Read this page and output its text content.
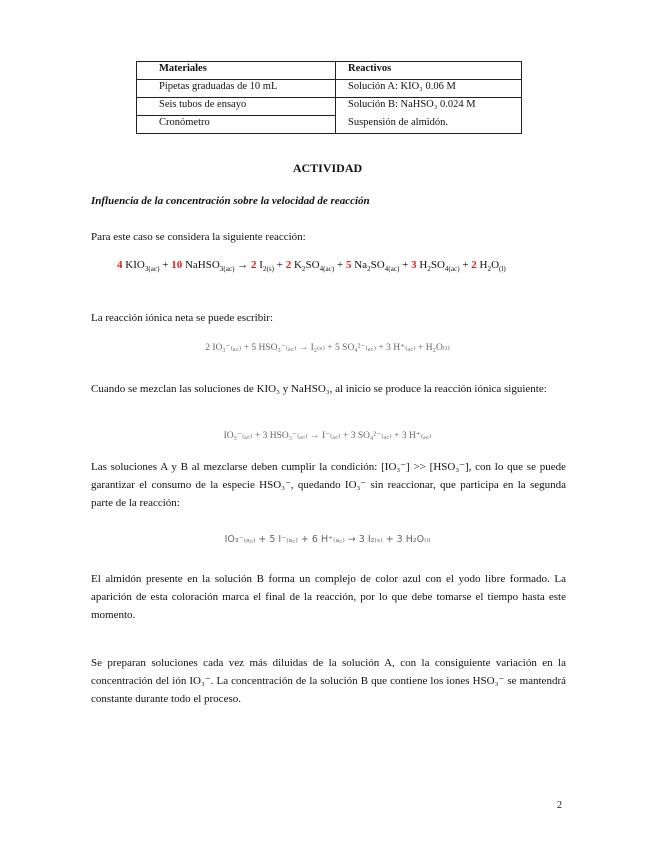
Materiales	Reactivos
Pipetas graduadas de 10 mL	Solución A: KIO₃ 0.06 M
Seis tubos de ensayo	Solución B: NaHSO₃ 0.024 M
Cronómetro	Suspensión de almidón.
ACTIVIDAD
Influencia de la concentración sobre la velocidad de reacción
Para este caso se considera la siguiente reacción:
4 $KIO_{3(ac)} + 10$ NaHSO$_{3(ac)}$ → 2 $I_{2(s)} + 2$ $K_2SO_{4(ac)} + 5$ $Na_2SO_{4(ac)} + 3$ $H_2SO_{4(ac)} + 2$ $H_2O_{(l)}$
La reacción iónica neta se puede escribir:
2 IO₃⁻₍ₐ꜀₎ + 5 HSO₃⁻₍ₐ꜀₎ → I₂₍ₛ₎ + 5 SO₄²⁻₍ₐ꜀₎ + 3 H⁺₍ₐ꜀₎ + H₂O₍ₗ₎
Cuando se mezclan las soluciones de KIO₃ y NaHSO₃, al inicio se produce la reacción iónica siguiente:
IO₃⁻₍ₐ꜀₎ + 3 HSO₃⁻₍ₐ꜀₎ → I⁻₍ₐ꜀₎ + 3 SO₄²⁻₍ₐ꜀₎ + 3 H⁺₍ₐ꜀₎
Las soluciones A y B al mezclarse deben cumplir la condición: [IO₃⁻] >> [HSO₃⁻], con lo que se puede garantizar el consumo de la especie HSO₃⁻, quedando IO₃⁻ sin reaccionar, que participa en la segunda parte de la reacción:
IO₃⁻₍ₐ꜀₎ + 5 I⁻₍ₐ꜀₎ + 6 H⁺₍ₐ꜀₎ → 3 I₂₍ₛ₎ + 3 H₂O₍ₗ₎
El almidón presente en la solución B forma un complejo de color azul con el yodo libre formado. La aparición de esta coloración marca el final de la reacción, por lo que debe tomarse el tiempo hasta este momento.
Se preparan soluciones cada vez más diluidas de la solución A, con la consiguiente variación en la concentración del ión IO₃⁻. La concentración de la solución B que contiene los iones HSO₃⁻ se mantendrá constante durante todo el proceso.
2
